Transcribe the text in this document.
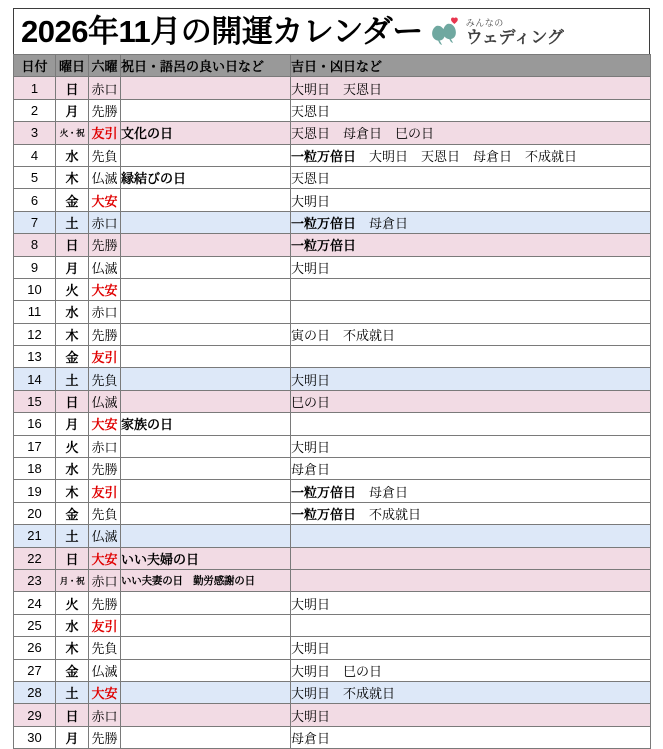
2026年11月の開運カレンダー	みんなの
ウェディング
日付	曜日	六曜	祝日・語呂の良い日など	吉日・凶日など
1	日	赤口		大明日　天恩日
2	月	先勝		天恩日
3	火・祝	友引	文化の日	天恩日　母倉日　巳の日
4	水	先負		一粒万倍日　大明日　天恩日　母倉日　不成就日
5	木	仏滅	縁結びの日	天恩日
6	金	大安		大明日
7	土	赤口		一粒万倍日　母倉日
8	日	先勝		一粒万倍日
9	月	仏滅		大明日
10	火	大安		
11	水	赤口		
12	木	先勝		寅の日　不成就日
13	金	友引		
14	土	先負		大明日
15	日	仏滅		巳の日
16	月	大安	家族の日	
17	火	赤口		大明日
18	水	先勝		母倉日
19	木	友引		一粒万倍日　母倉日
20	金	先負		一粒万倍日　不成就日
21	土	仏滅		
22	日	大安	いい夫婦の日	
23	月・祝	赤口	いい夫妻の日　勤労感謝の日	
24	火	先勝		大明日
25	水	友引		
26	木	先負		大明日
27	金	仏滅		大明日　巳の日
28	土	大安		大明日　不成就日
29	日	赤口		大明日
30	月	先勝		母倉日
